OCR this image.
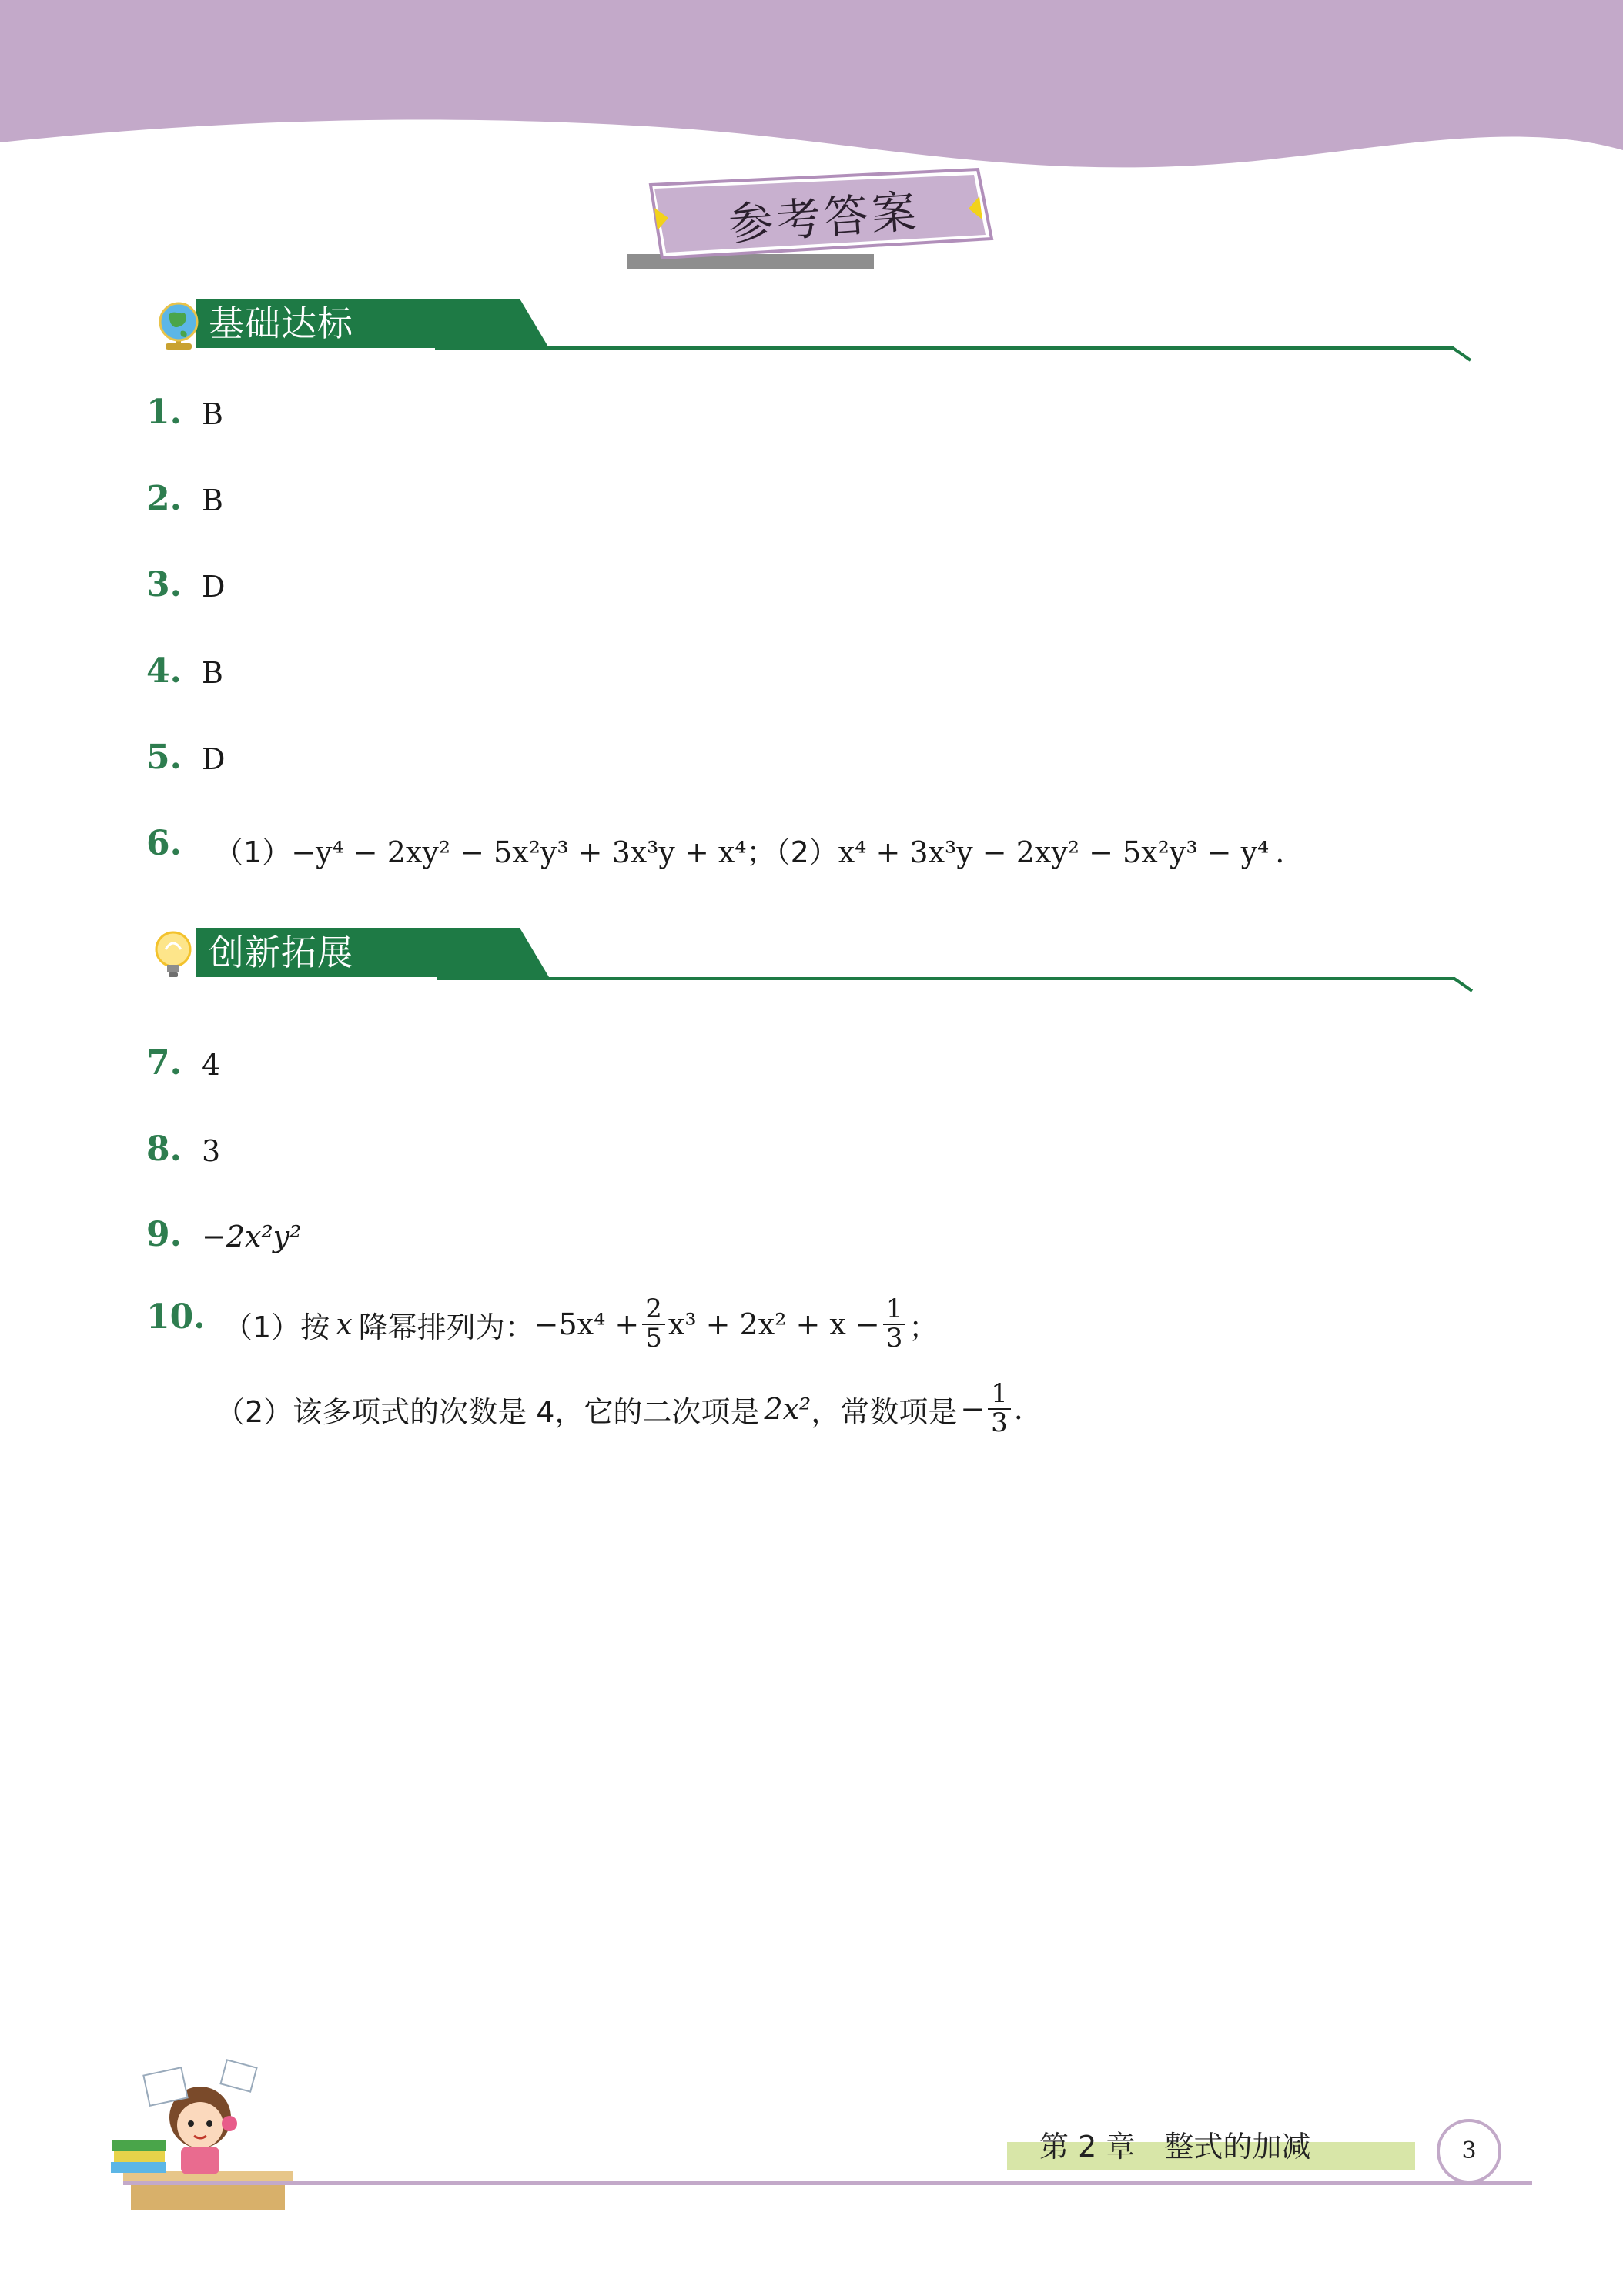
参考答案
基础达标
1. B
2. B
3. D
4. B
5. D
6. （1）−y⁴ − 2xy² − 5x²y³ + 3x³y + x⁴；（2）x⁴ + 3x³y − 2xy² − 5x²y³ − y⁴ .
创新拓展
7. 4
8. 3
9. −2x²y²
10. （1）按 x 降幂排列为： $-5x^4 + \frac{2}{5} x^3 + 2x^2 + x - \frac{1}{3}$ ；
（2）该多项式的次数是 4，它的二次项是 2x² ，常数项是 − $\frac{1}{3}$ .
第 2 章　整式的加减	3
